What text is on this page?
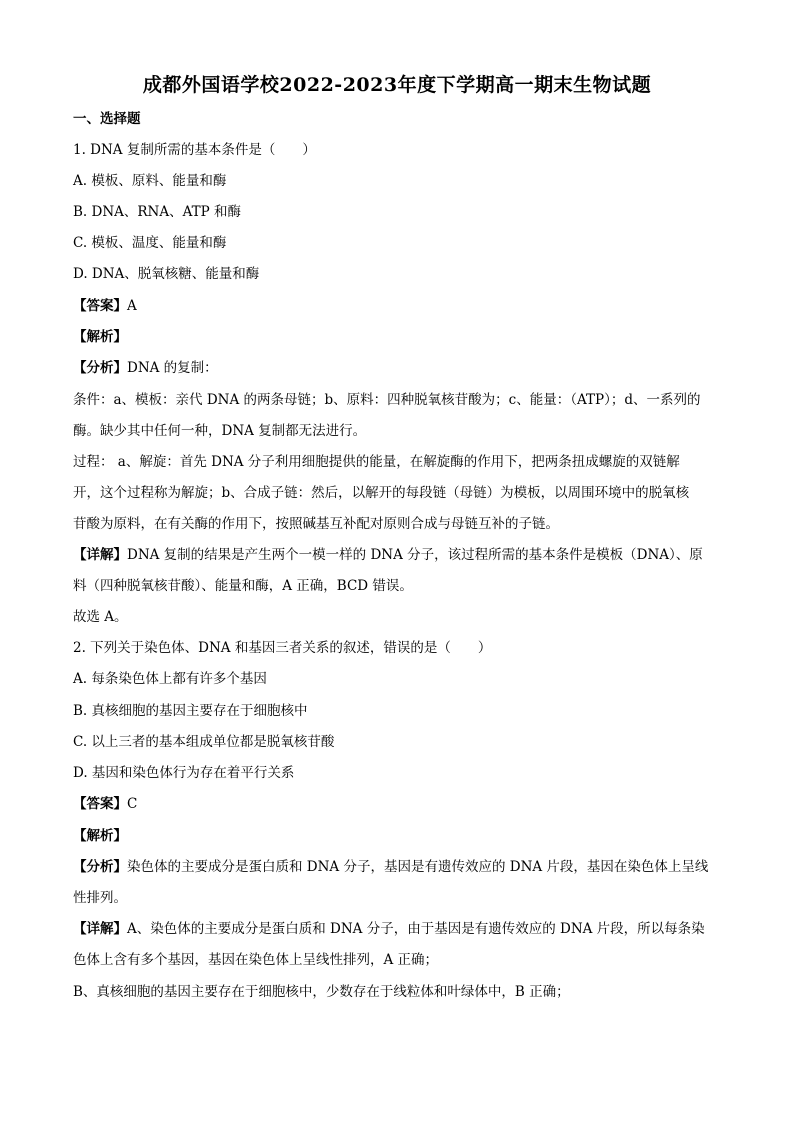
成都外国语学校2022-2023年度下学期高一期末生物试题
一、选择题
1. DNA 复制所需的基本条件是（　　）
A. 模板、原料、能量和酶
B. DNA、RNA、ATP 和酶
C. 模板、温度、能量和酶
D. DNA、脱氧核糖、能量和酶
【答案】A
【解析】
【分析】DNA 的复制：
条件：a、模板：亲代 DNA 的两条母链；b、原料：四种脱氧核苷酸为；c、能量：（ATP）；d、一系列的
酶。缺少其中任何一种，DNA 复制都无法进行。
过程： a、解旋：首先 DNA 分子利用细胞提供的能量，在解旋酶的作用下，把两条扭成螺旋的双链解
开，这个过程称为解旋；b、合成子链：然后，以解开的每段链（母链）为模板，以周围环境中的脱氧核
苷酸为原料，在有关酶的作用下，按照碱基互补配对原则合成与母链互补的子链。
【详解】DNA 复制的结果是产生两个一模一样的 DNA 分子，该过程所需的基本条件是模板（DNA）、原
料（四种脱氧核苷酸）、能量和酶，A 正确，BCD 错误。
故选 A。
2. 下列关于染色体、DNA 和基因三者关系的叙述，错误的是（　　）
A. 每条染色体上都有许多个基因
B. 真核细胞的基因主要存在于细胞核中
C. 以上三者的基本组成单位都是脱氧核苷酸
D. 基因和染色体行为存在着平行关系
【答案】C
【解析】
【分析】染色体的主要成分是蛋白质和 DNA 分子，基因是有遗传效应的 DNA 片段，基因在染色体上呈线
性排列。
【详解】A、染色体的主要成分是蛋白质和 DNA 分子，由于基因是有遗传效应的 DNA 片段，所以每条染
色体上含有多个基因，基因在染色体上呈线性排列，A 正确；
B、真核细胞的基因主要存在于细胞核中，少数存在于线粒体和叶绿体中，B 正确；
